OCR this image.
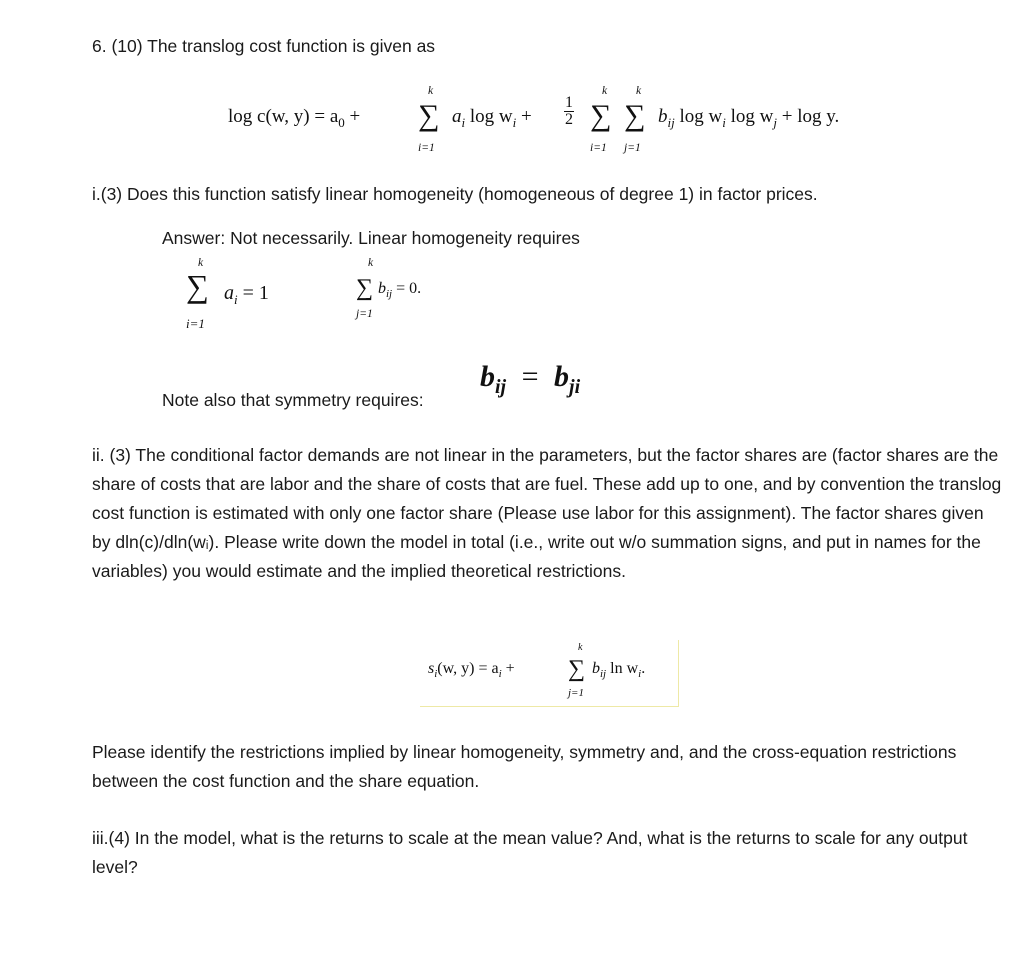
6. (10) The translog cost function is given as
log c(w, $y) = a_0$ +
k
∑
i=1
$a_i$ $\log w_i + \frac{1}{2}$
k	k
∑ ∑
i=1 j=1
$b_{ij}$ $\log w_i$ $\log w_j + \log y$.
i.(3) Does this function satisfy linear homogeneity (homogeneous of degree 1) in factor prices.
Answer: Not necessarily. Linear homogeneity requires
k
∑
i=1
$a_i = 1$
k
∑
j=1
$b_{ij} = 0$.
Note also that symmetry requires:
$b_{ij} = b_{ji}$
ii. (3) The conditional factor demands are not linear in the parameters, but the factor shares are (factor shares are the share of costs that are labor and the share of costs that are fuel. These add up to one, and by convention the translog cost function is estimated with only one factor share (Please use labor for this assignment). The factor shares given by dln(c)/dln(wᵢ). Please write down the model in total (i.e., write out w/o summation signs, and put in names for the variables) you would estimate and the implied theoretical restrictions.
$s_i(w$, $y) = a_i$ +
k
∑
j=1
$b_{ij}$ $\ln w_i$.
Please identify the restrictions implied by linear homogeneity, symmetry and, and the cross-equation restrictions between the cost function and the share equation.
iii.(4) In the model, what is the returns to scale at the mean value? And, what is the returns to scale for any output level?
